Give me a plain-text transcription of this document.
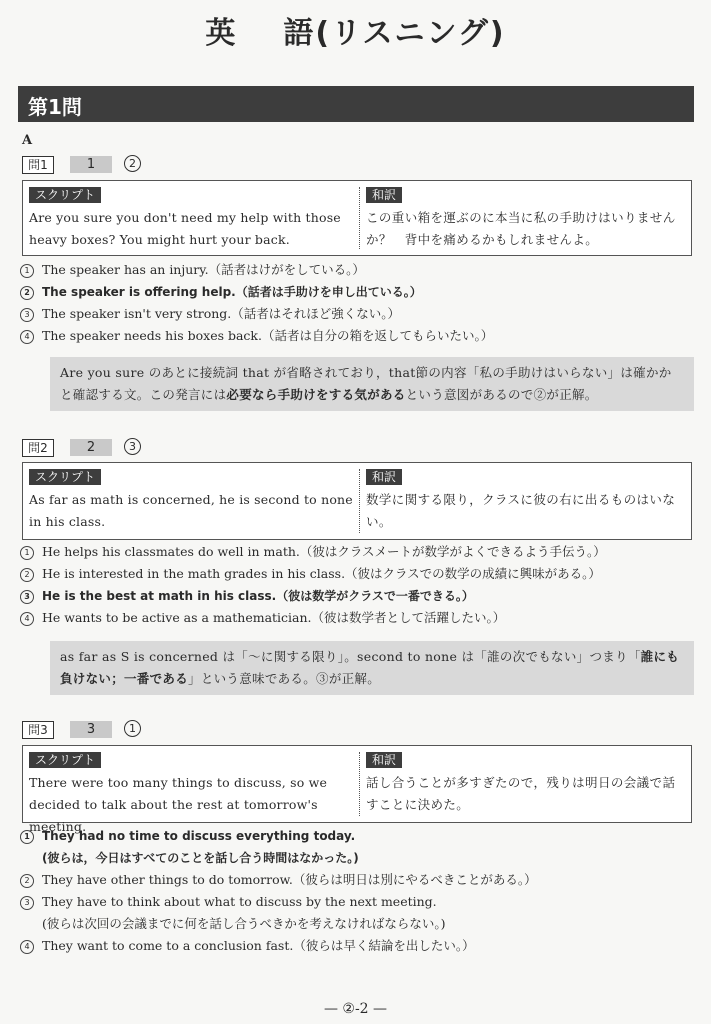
英 語(リスニング)
第1問
A
問1	1	2
スクリプト
Are you sure you don't need my help with those heavy boxes? You might hurt your back.
和訳
この重い箱を運ぶのに本当に私の手助けはいりませんか？　背中を痛めるかもしれませんよ。
1 The speaker has an injury.（話者はけがをしている。）
2 The speaker is offering help.（話者は手助けを申し出ている。）
3 The speaker isn't very strong.（話者はそれほど強くない。）
4 The speaker needs his boxes back.（話者は自分の箱を返してもらいたい。）
Are you sure のあとに接続詞 that が省略されており，that節の内容「私の手助けはいらない」は確かかと確認する文。この発言には必要なら手助けをする気があるという意図があるので②が正解。
問2	2	3
スクリプト
As far as math is concerned, he is second to none in his class.
和訳
数学に関する限り，クラスに彼の右に出るものはいない。
1 He helps his classmates do well in math.（彼はクラスメートが数学がよくできるよう手伝う。）
2 He is interested in the math grades in his class.（彼はクラスでの数学の成績に興味がある。）
3 He is the best at math in his class.（彼は数学がクラスで一番できる。）
4 He wants to be active as a mathematician.（彼は数学者として活躍したい。）
as far as S is concerned は「～に関する限り」。second to none は「誰の次でもない」つまり「誰にも負けない；一番である」という意味である。③が正解。
問3	3	1
スクリプト
There were too many things to discuss, so we decided to talk about the rest at tomorrow's meeting.
和訳
話し合うことが多すぎたので，残りは明日の会議で話すことに決めた。
1 They had no time to discuss everything today.
(彼らは，今日はすべてのことを話し合う時間はなかった。)
2 They have other things to do tomorrow.（彼らは明日は別にやるべきことがある。）
3 They have to think about what to discuss by the next meeting.
(彼らは次回の会議までに何を話し合うべきかを考えなければならない。)
4 They want to come to a conclusion fast.（彼らは早く結論を出したい。）
— ②-2 —
